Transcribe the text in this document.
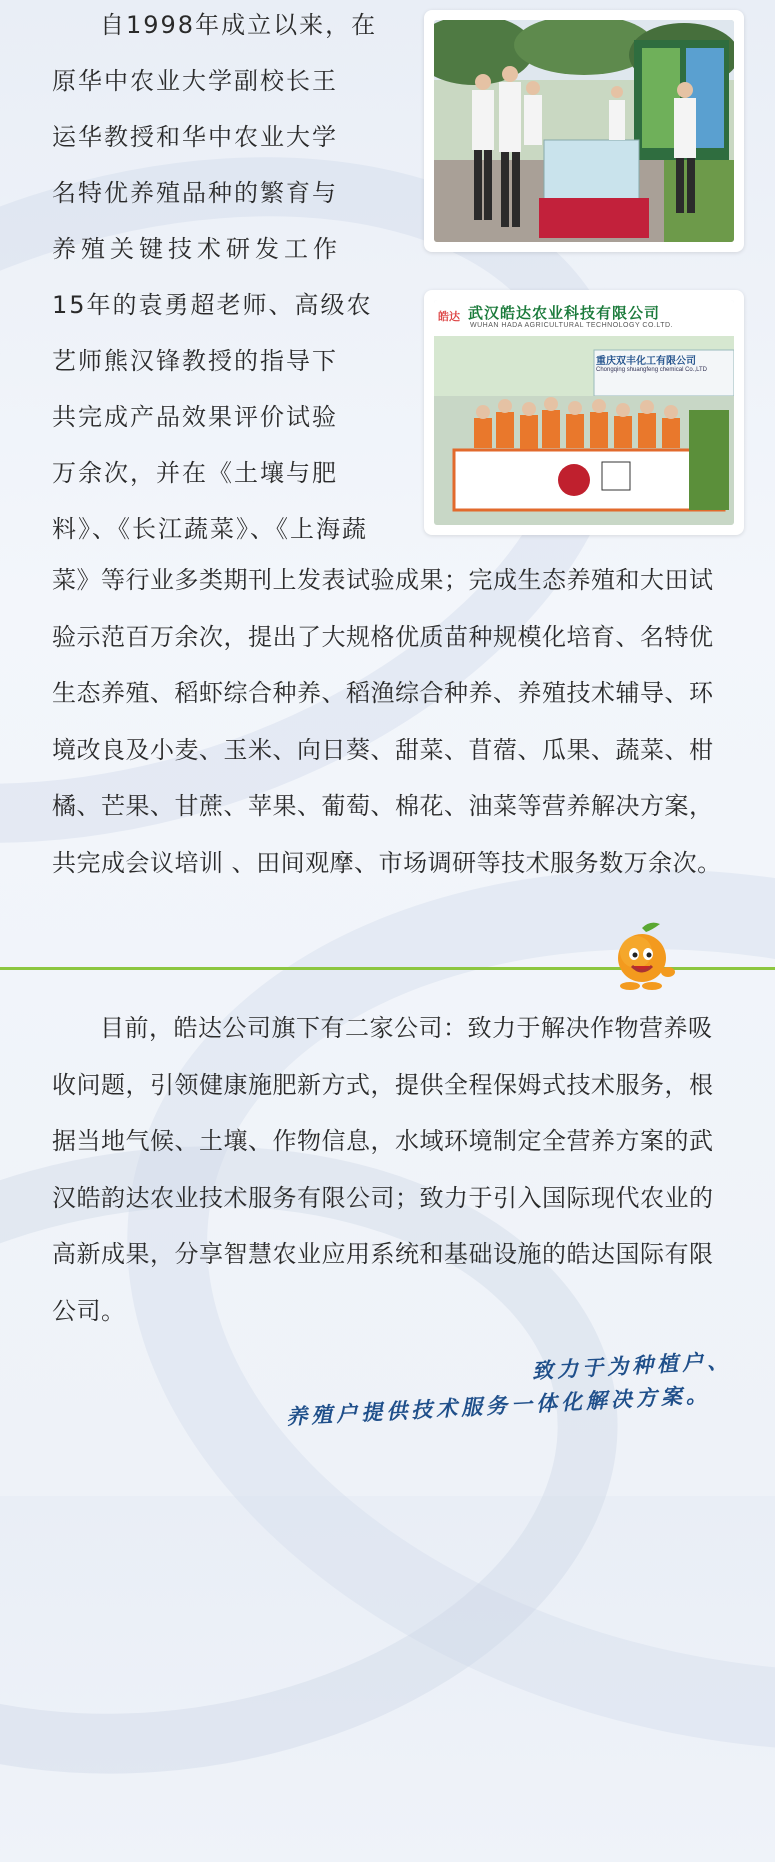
自1998年成立以来，在
原华中农业大学副校长王
运华教授和华中农业大学
名特优养殖品种的繁育与
养殖关键技术研发工作
15年的袁勇超老师、高级农
艺师熊汉锋教授的指导下
共完成产品效果评价试验
万余次，并在《土壤与肥
料》、《长江蔬菜》、《上海蔬

菜》等行业多类期刊上发表试验成果；完成生态养殖和大田试验示范百万余次，提出了大规格优质苗种规模化培育、名特优生态养殖、稻虾综合种养、稻渔综合种养、养殖技术辅导、环境改良及小麦、玉米、向日葵、甜菜、苜蓿、瓜果、蔬菜、柑橘、芒果、甘蔗、苹果、葡萄、棉花、油菜等营养解决方案，共完成会议培训 、田间观摩、市场调研等技术服务数万余次。

皓达 武汉皓达农业科技有限公司
WUHAN HADA AGRICULTURAL TECHNOLOGY CO.LTD.
重庆双丰化工有限公司
Chongqing shuangfeng chemical Co.,LTD

目前，皓达公司旗下有二家公司：致力于解决作物营养吸收问题，引领健康施肥新方式，提供全程保姆式技术服务，根据当地气候、土壤、作物信息，水域环境制定全营养方案的武汉皓韵达农业技术服务有限公司；致力于引入国际现代农业的高新成果，分享智慧农业应用系统和基础设施的皓达国际有限公司。

致力于为种植户、
养殖户提供技术服务一体化解决方案。
